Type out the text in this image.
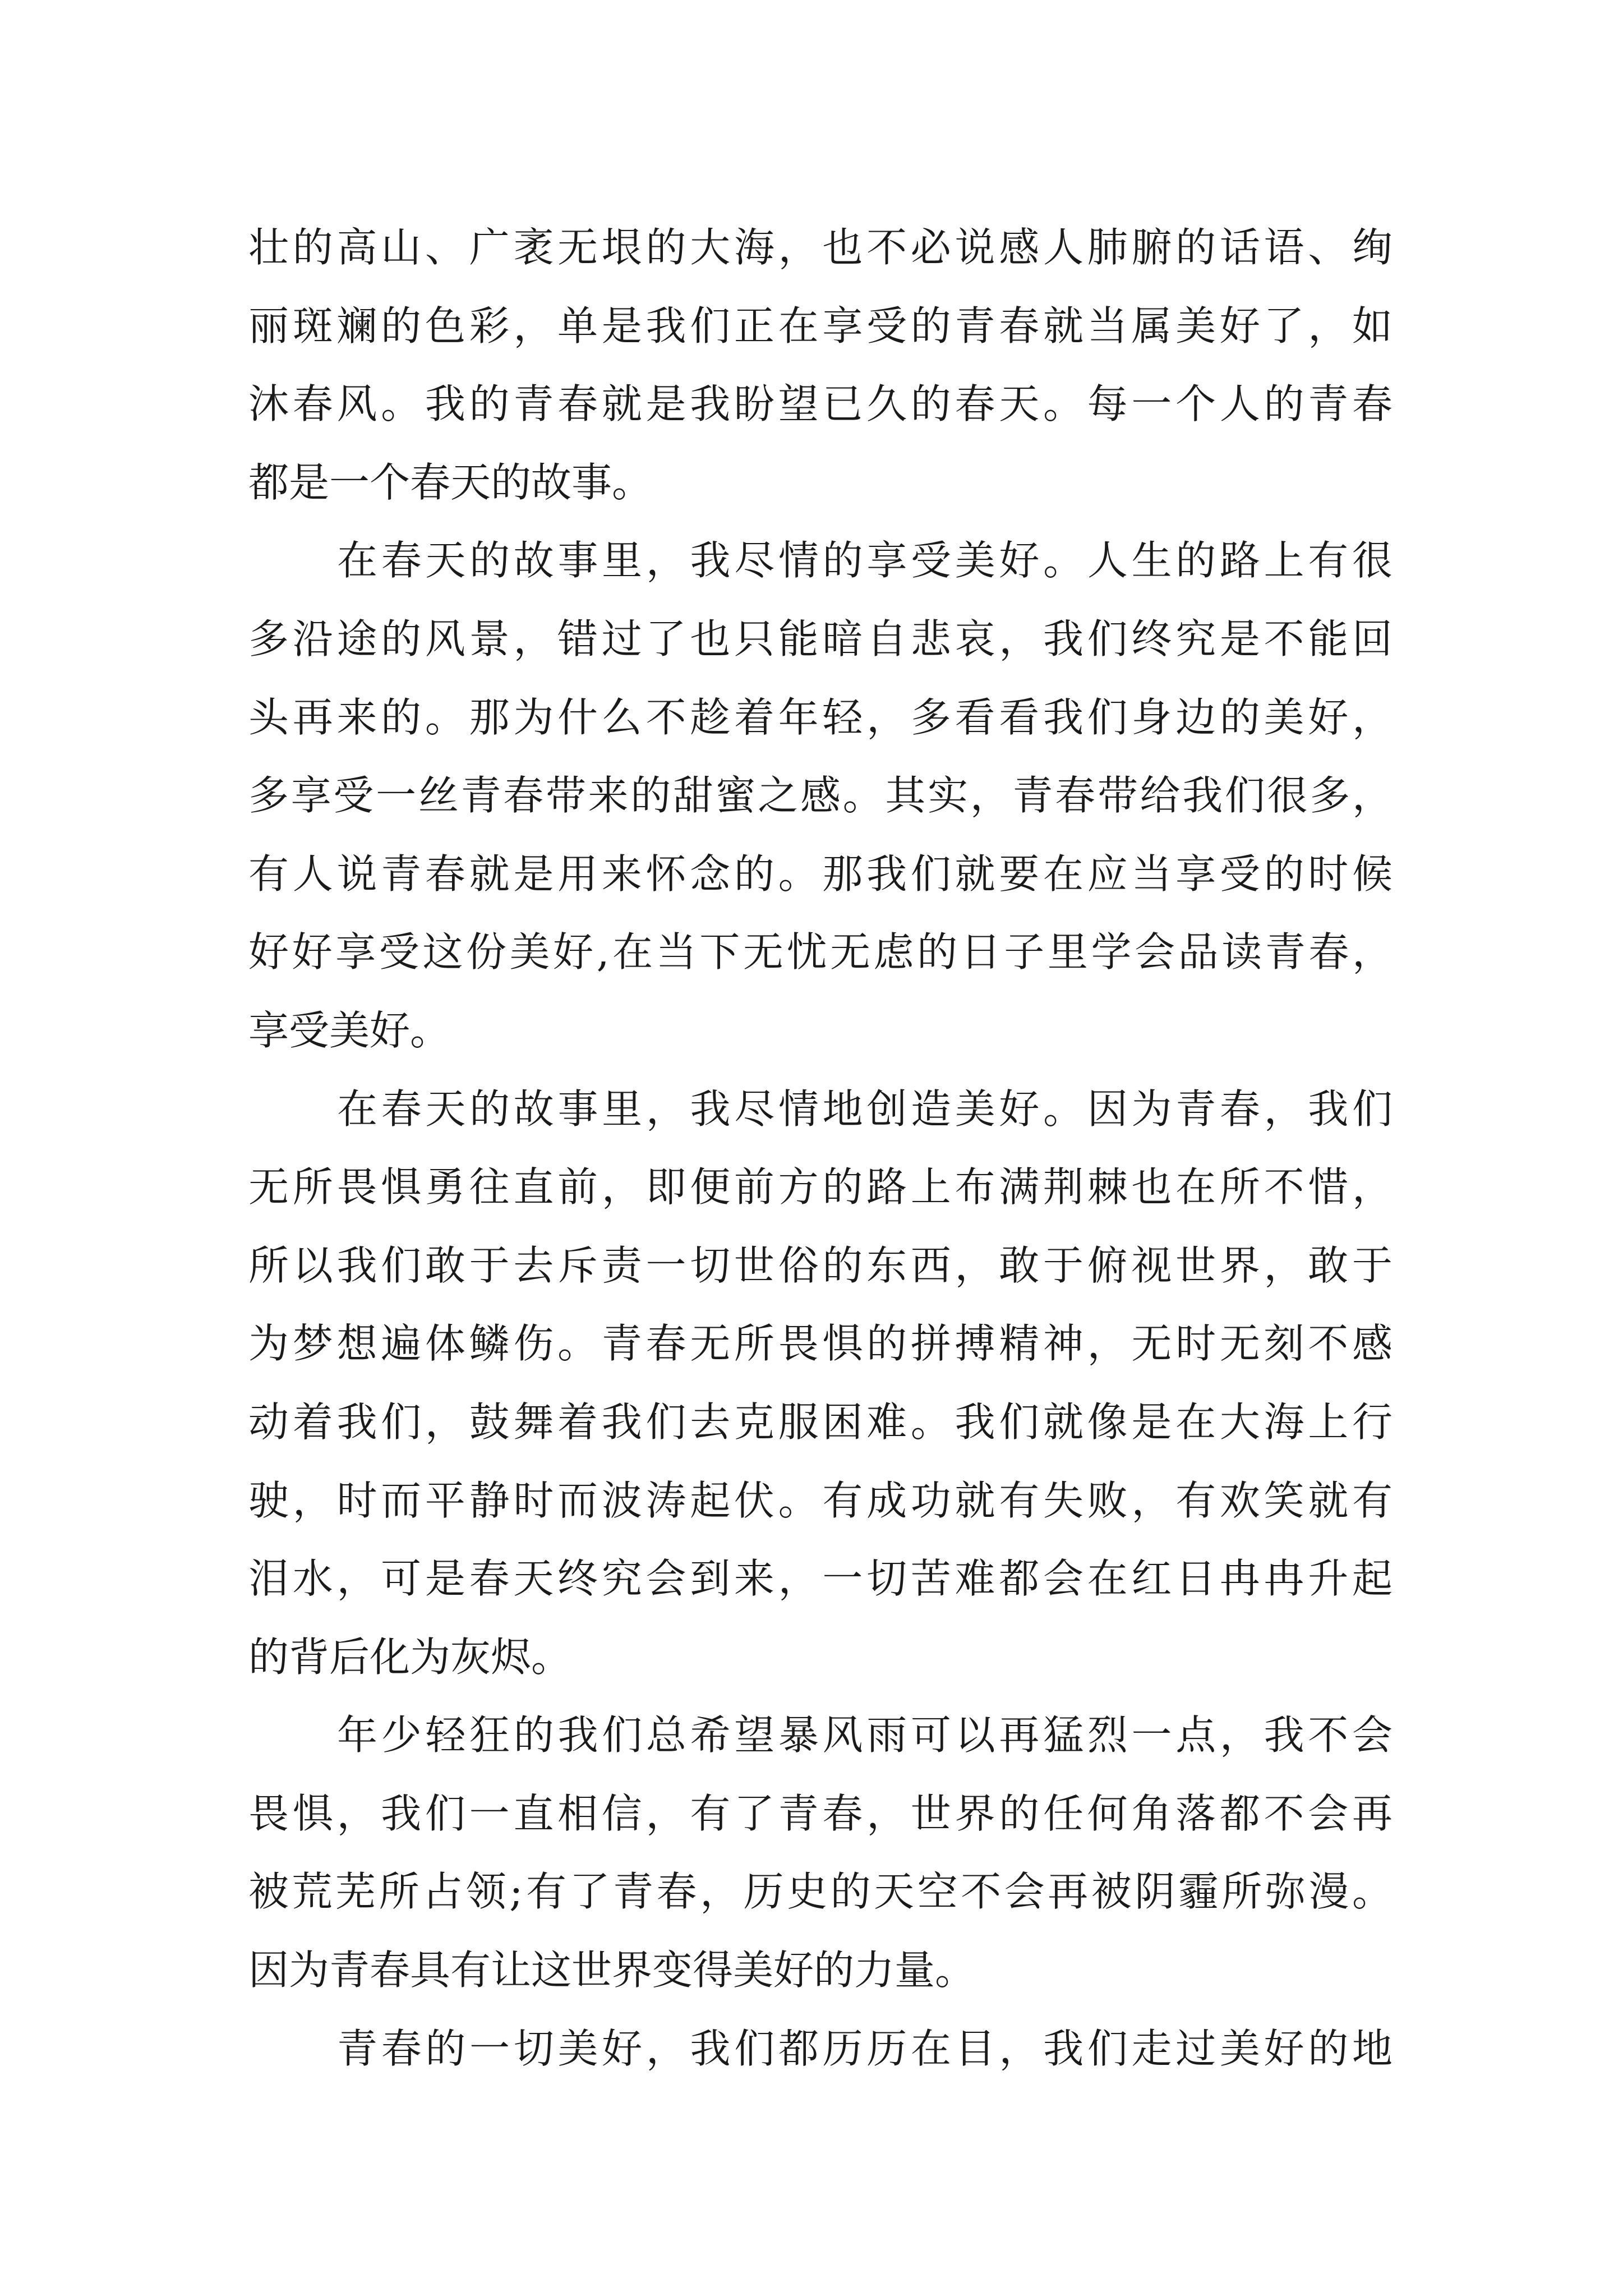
壮的高山、广袤无垠的大海，也不必说感人肺腑的话语、绚
丽斑斓的色彩，单是我们正在享受的青春就当属美好了，如
沐春风。我的青春就是我盼望已久的春天。每一个人的青春
都是一个春天的故事。
在春天的故事里，我尽情的享受美好。人生的路上有很
多沿途的风景，错过了也只能暗自悲哀，我们终究是不能回
头再来的。那为什么不趁着年轻，多看看我们身边的美好，
多享受一丝青春带来的甜蜜之感。其实，青春带给我们很多，
有人说青春就是用来怀念的。那我们就要在应当享受的时候
好好享受这份美好,在当下无忧无虑的日子里学会品读青春，
享受美好。
在春天的故事里，我尽情地创造美好。因为青春，我们
无所畏惧勇往直前，即便前方的路上布满荆棘也在所不惜，
所以我们敢于去斥责一切世俗的东西，敢于俯视世界，敢于
为梦想遍体鳞伤。青春无所畏惧的拼搏精神，无时无刻不感
动着我们，鼓舞着我们去克服困难。我们就像是在大海上行
驶，时而平静时而波涛起伏。有成功就有失败，有欢笑就有
泪水，可是春天终究会到来，一切苦难都会在红日冉冉升起
的背后化为灰烬。
年少轻狂的我们总希望暴风雨可以再猛烈一点，我不会
畏惧，我们一直相信，有了青春，世界的任何角落都不会再
被荒芜所占领;有了青春，历史的天空不会再被阴霾所弥漫。
因为青春具有让这世界变得美好的力量。
青春的一切美好，我们都历历在目，我们走过美好的地
